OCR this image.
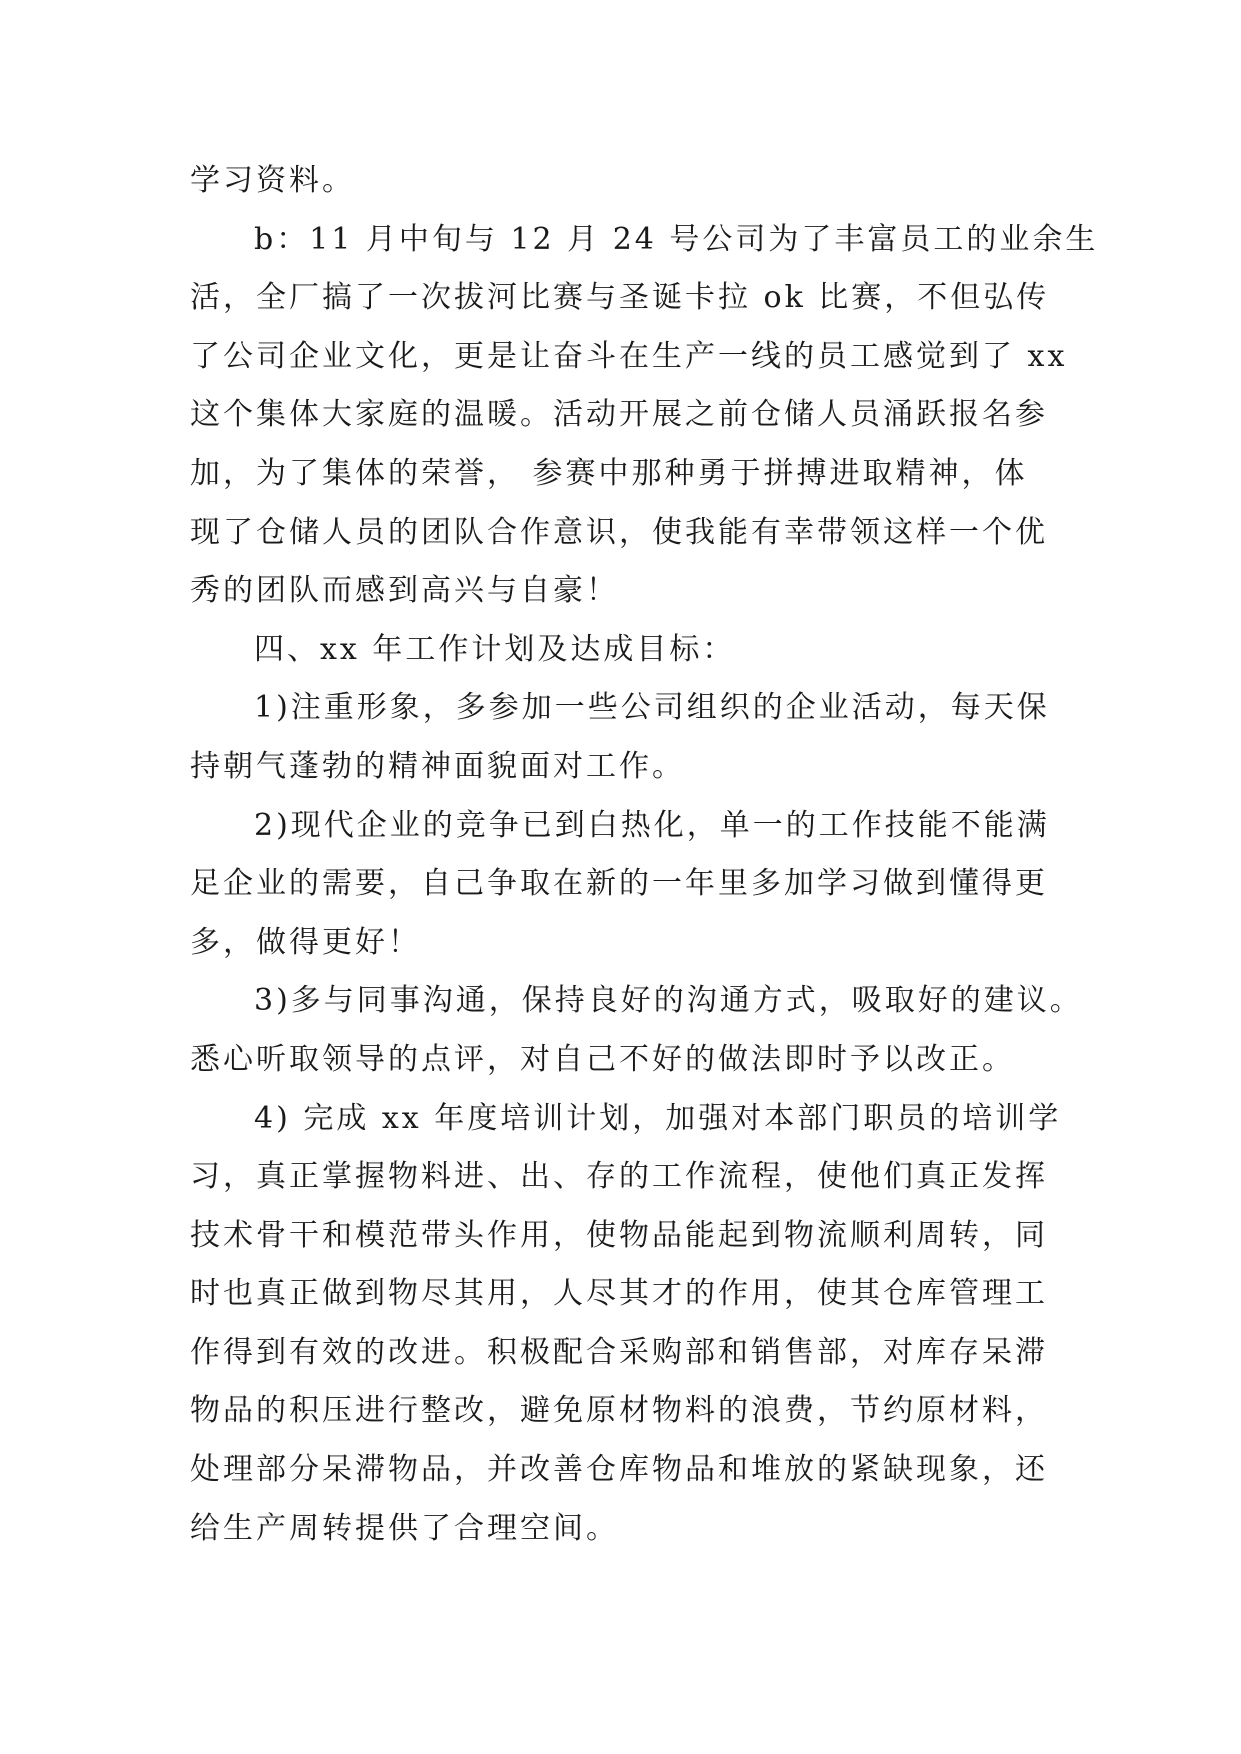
学习资料。
b：11 月中旬与 12 月 24 号公司为了丰富员工的业余生
活，全厂搞了一次拔河比赛与圣诞卡拉 ok 比赛，不但弘传
了公司企业文化，更是让奋斗在生产一线的员工感觉到了 xx
这个集体大家庭的温暖。活动开展之前仓储人员涌跃报名参
加，为了集体的荣誉， 参赛中那种勇于拼搏进取精神，体
现了仓储人员的团队合作意识，使我能有幸带领这样一个优
秀的团队而感到高兴与自豪！
四、xx 年工作计划及达成目标：
1)注重形象，多参加一些公司组织的企业活动，每天保
持朝气蓬勃的精神面貌面对工作。
2)现代企业的竞争已到白热化，单一的工作技能不能满
足企业的需要，自己争取在新的一年里多加学习做到懂得更
多，做得更好！
3)多与同事沟通，保持良好的沟通方式，吸取好的建议。
悉心听取领导的点评，对自己不好的做法即时予以改正。
4) 完成 xx 年度培训计划，加强对本部门职员的培训学
习，真正掌握物料进、出、存的工作流程，使他们真正发挥
技术骨干和模范带头作用，使物品能起到物流顺利周转，同
时也真正做到物尽其用，人尽其才的作用，使其仓库管理工
作得到有效的改进。积极配合采购部和销售部，对库存呆滞
物品的积压进行整改，避免原材物料的浪费，节约原材料，
处理部分呆滞物品，并改善仓库物品和堆放的紧缺现象，还
给生产周转提供了合理空间。
